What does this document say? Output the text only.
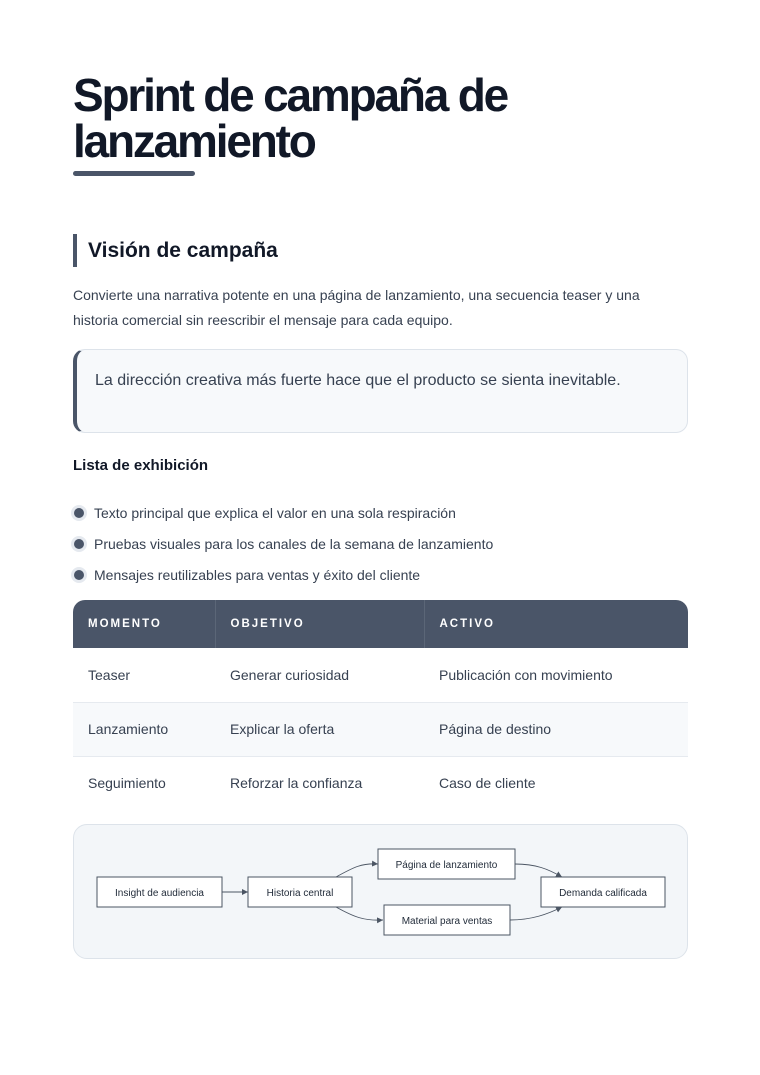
Sprint de campaña de lanzamiento
Visión de campaña

Convierte una narrativa potente en una página de lanzamiento, una secuencia teaser y una historia comercial sin reescribir el mensaje para cada equipo.

La dirección creativa más fuerte hace que el producto se sienta inevitable.

Lista de exhibición
Texto principal que explica el valor en una sola respiración
Pruebas visuales para los canales de la semana de lanzamiento
Mensajes reutilizables para ventas y éxito del cliente
MOMENTO	OBJETIVO	ACTIVO
Teaser	Generar curiosidad	Publicación con movimiento
Lanzamiento	Explicar la oferta	Página de destino
Seguimiento	Reforzar la confianza	Caso de cliente
Insight de audiencia	Historia central
Página de lanzamiento
Material para ventas
Demanda calificada
